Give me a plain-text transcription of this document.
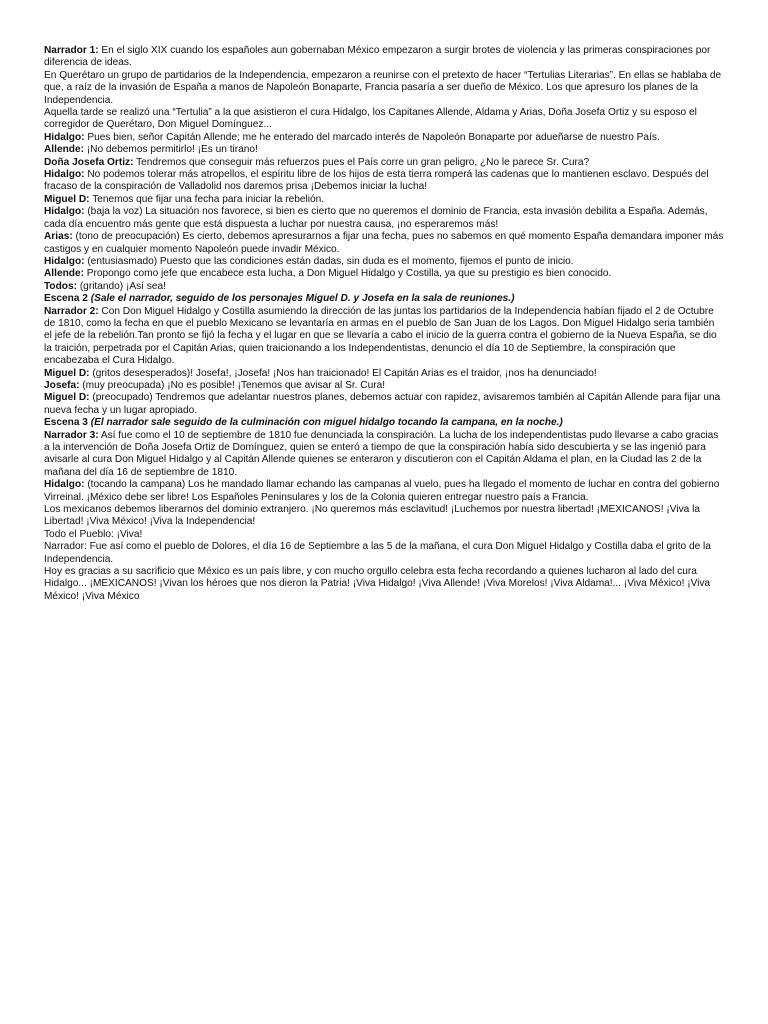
Narrador 1: En el siglo XIX cuando los españoles aun gobernaban México empezaron a surgir brotes de violencia y las primeras conspiraciones por diferencia de ideas.

En Querétaro un grupo de partidarios de la Independencia, empezaron a reunirse con el pretexto de hacer “Tertulias Literarias”. En ellas se hablaba de que, a raíz de la invasión de España a manos de Napoleón Bonaparte, Francia pasaría a ser dueño de México. Los que apresuro los planes de la Independencia.

Aquella tarde se realizó una “Tertulia” a la que asistieron el cura Hidalgo, los Capitanes Allende, Aldama y Arias, Doña Josefa Ortiz y su esposo el corregidor de Querétaro, Don Miguel Domínguez...

Hidalgo: Pues bien, señor Capitán Allende; me he enterado del marcado interés de Napoleón Bonaparte por adueñarse de nuestro País.

Allende: ¡No debemos permitirlo! ¡Es un tirano!

Doña Josefa Ortiz: Tendremos que conseguir más refuerzos pues el País corre un gran peligro, ¿No le parece Sr. Cura?

Hidalgo: No podemos tolerar más atropellos, el espíritu libre de los hijos de esta tierra romperá las cadenas que lo mantienen esclavo. Después del fracaso de la conspiración de Valladolid nos daremos prisa ¡Debemos iniciar la lucha!

Miguel D: Tenemos que fijar una fecha para iniciar la rebelión.

Hidalgo: (baja la voz) La situación nos favorece, si bien es cierto que no queremos el dominio de Francia, esta invasión debilita a España. Además, cada día encuentro más gente que está dispuesta a luchar por nuestra causa, ¡no esperaremos más!

Arias: (tono de preocupación) Es cierto, debemos apresurarnos a fijar una fecha, pues no sabemos en qué momento España demandara imponer más castigos y en cualquier momento Napoleón puede invadir México.

Hidalgo: (entusiasmado) Puesto que las condiciones están dadas, sin duda es el momento, fijemos el punto de inicio.

Allende: Propongo como jefe que encabece esta lucha, a Don Miguel Hidalgo y Costilla, ya que su prestigio es bien conocido.

Todos: (gritando) ¡Así sea!

Escena 2 (Sale el narrador, seguido de los personajes Miguel D. y Josefa en la sala de reuniones.)

Narrador 2: Con Don Miguel Hidalgo y Costilla asumiendo la dirección de las juntas los partidarios de la Independencia habían fijado el 2 de Octubre de 1810, como la fecha en que el pueblo Mexicano se levantaría en armas en el pueblo de San Juan de los Lagos. Don Miguel Hidalgo seria también el jefe de la rebelión.Tan pronto se fijó la fecha y el lugar en que se llevaría a cabo el inicio de la guerra contra el gobierno de la Nueva España, se dio la traición, perpetrada por el Capitán Arias, quien traicionando a los Independentistas, denuncio el día 10 de Septiembre, la conspiración que encabezaba el Cura Hidalgo.

Miguel D: (gritos desesperados)! Josefa!, ¡Josefa! ¡Nos han traicionado! El Capitán Arias es el traidor, ¡nos ha denunciado!

Josefa: (muy preocupada) ¡No es posible! ¡Tenemos que avisar al Sr. Cura!

Miguel D: (preocupado) Tendremos que adelantar nuestros planes, debemos actuar con rapidez, avisaremos también al Capitán Allende para fijar una nueva fecha y un lugar apropiado.

Escena 3 (El narrador sale seguido de la culminación con miguel hidalgo tocando la campana, en la noche.)

Narrador 3: Así fue como el 10 de septiembre de 1810 fue denunciada la conspiración. La lucha de los independentistas pudo llevarse a cabo gracias a la intervención de Doña Josefa Ortiz de Domínguez, quien se enteró a tiempo de que la conspiración había sido descubierta y se las ingenió para avisarle al cura Don Miguel Hidalgo y al Capitán Allende quienes se enteraron y discutieron con el Capitán Aldama el plan, en la Ciudad las 2 de la mañana del día 16 de septiembre de 1810.

Hidalgo: (tocando la campana) Los he mandado llamar echando las campanas al vuelo, pues ha llegado el momento de luchar en contra del gobierno Virreinal. ¡México debe ser libre! Los Españoles Peninsulares y los de la Colonia quieren entregar nuestro país a Francia.

Los mexicanos debemos liberarnos del dominio extranjero. ¡No queremos más esclavitud! ¡Luchemos por nuestra libertad! ¡MEXICANOS! ¡Viva la Libertad! ¡Viva México! ¡Viva la Independencia!

Todo el Pueblo: ¡Viva!

Narrador: Fue así como el pueblo de Dolores, el día 16 de Septiembre a las 5 de la mañana, el cura Don Miguel Hidalgo y Costilla daba el grito de la Independencia.

Hoy es gracias a su sacrificio que México es un país libre, y con mucho orgullo celebra esta fecha recordando a quienes lucharon al lado del cura Hidalgo... ¡MEXICANOS! ¡Vivan los héroes que nos dieron la Patria! ¡Viva Hidalgo! ¡Viva Allende! ¡Viva Morelos! ¡Viva Aldama!... ¡Viva México! ¡Viva México! ¡Viva México
